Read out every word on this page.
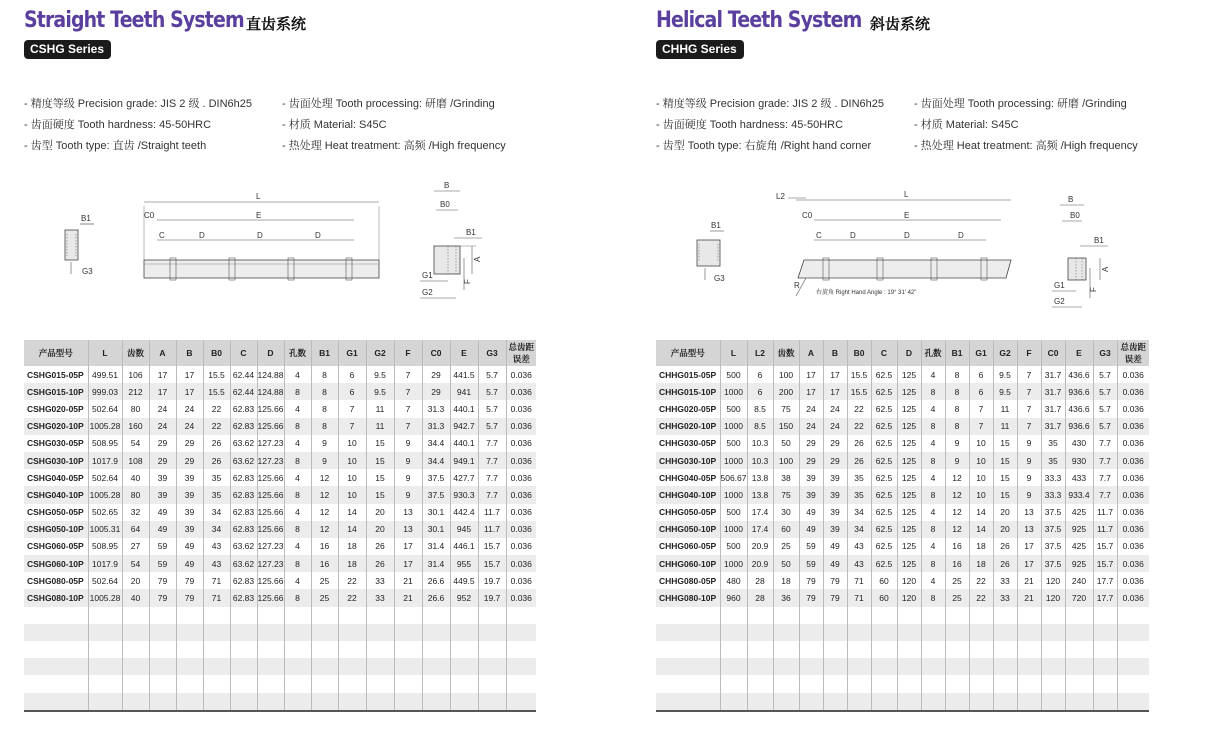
Straight Teeth System 直齿系统
CSHG Series
- 精度等级 Precision grade: JIS 2 级 . DIN6h25
- 齿面硬度 Tooth hardness: 45-50HRC
- 齿型 Tooth type: 直齿 /Straight teeth
- 齿面处理 Tooth processing: 研磨 /Grinding
- 材质 Material: S45C
- 热处理 Heat treatment: 高频 /High frequency
B1
G3
L
C0	E
C	D	D	D
B
B0
B1
A
F
G1
G2
产品型号	L	齿数	A	B	B0	C	D	孔数	B1	G1	G2	F	C0	E	G3	总齿距误差
CSHG015-05P	499.51	106	17	17	15.5	62.44	124.88	4	8	6	9.5	7	29	441.5	5.7	0.036
CSHG015-10P	999.03	212	17	17	15.5	62.44	124.88	8	8	6	9.5	7	29	941	5.7	0.036
CSHG020-05P	502.64	80	24	24	22	62.83	125.66	4	8	7	11	7	31.3	440.1	5.7	0.036
CSHG020-10P	1005.28	160	24	24	22	62.83	125.66	8	8	7	11	7	31.3	942.7	5.7	0.036
CSHG030-05P	508.95	54	29	29	26	63.62	127.23	4	9	10	15	9	34.4	440.1	7.7	0.036
CSHG030-10P	1017.9	108	29	29	26	63.62	127.23	8	9	10	15	9	34.4	949.1	7.7	0.036
CSHG040-05P	502.64	40	39	39	35	62.83	125.66	4	12	10	15	9	37.5	427.7	7.7	0.036
CSHG040-10P	1005.28	80	39	39	35	62.83	125.66	8	12	10	15	9	37.5	930.3	7.7	0.036
CSHG050-05P	502.65	32	49	39	34	62.83	125.66	4	12	14	20	13	30.1	442.4	11.7	0.036
CSHG050-10P	1005.31	64	49	39	34	62.83	125.66	8	12	14	20	13	30.1	945	11.7	0.036
CSHG060-05P	508.95	27	59	49	43	63.62	127.23	4	16	18	26	17	31.4	446.1	15.7	0.036
CSHG060-10P	1017.9	54	59	49	43	63.62	127.23	8	16	18	26	17	31.4	955	15.7	0.036
CSHG080-05P	502.64	20	79	79	71	62.83	125.66	4	25	22	33	21	26.6	449.5	19.7	0.036
CSHG080-10P	1005.28	40	79	79	71	62.83	125.66	8	25	22	33	21	26.6	952	19.7	0.036

Helical Teeth System 斜齿系统
CHHG Series
- 精度等级 Precision grade: JIS 2 级 . DIN6h25
- 齿面硬度 Tooth hardness: 45-50HRC
- 齿型 Tooth type: 右旋角 /Right hand corner
- 齿面处理 Tooth processing: 研磨 /Grinding
- 材质 Material: S45C
- 热处理 Heat treatment: 高频 /High frequency
B1
G3
L2	L
C0	E
C	D	D	D
R
右旋角 Right Hand Angle : 19° 31' 42"
B
B0
B1
A
F
G1
G2
产品型号	L	L2	齿数	A	B	B0	C	D	孔数	B1	G1	G2	F	C0	E	G3	总齿距误差
CHHG015-05P	500	6	100	17	17	15.5	62.5	125	4	8	6	9.5	7	31.7	436.6	5.7	0.036
CHHG015-10P	1000	6	200	17	17	15.5	62.5	125	8	8	6	9.5	7	31.7	936.6	5.7	0.036
CHHG020-05P	500	8.5	75	24	24	22	62.5	125	4	8	7	11	7	31.7	436.6	5.7	0.036
CHHG020-10P	1000	8.5	150	24	24	22	62.5	125	8	8	7	11	7	31.7	936.6	5.7	0.036
CHHG030-05P	500	10.3	50	29	29	26	62.5	125	4	9	10	15	9	35	430	7.7	0.036
CHHG030-10P	1000	10.3	100	29	29	26	62.5	125	8	9	10	15	9	35	930	7.7	0.036
CHHG040-05P	506.67	13.8	38	39	39	35	62.5	125	4	12	10	15	9	33.3	433	7.7	0.036
CHHG040-10P	1000	13.8	75	39	39	35	62.5	125	8	12	10	15	9	33.3	933.4	7.7	0.036
CHHG050-05P	500	17.4	30	49	39	34	62.5	125	4	12	14	20	13	37.5	425	11.7	0.036
CHHG050-10P	1000	17.4	60	49	39	34	62.5	125	8	12	14	20	13	37.5	925	11.7	0.036
CHHG060-05P	500	20.9	25	59	49	43	62.5	125	4	16	18	26	17	37.5	425	15.7	0.036
CHHG060-10P	1000	20.9	50	59	49	43	62.5	125	8	16	18	26	17	37.5	925	15.7	0.036
CHHG080-05P	480	28	18	79	79	71	60	120	4	25	22	33	21	120	240	17.7	0.036
CHHG080-10P	960	28	36	79	79	71	60	120	8	25	22	33	21	120	720	17.7	0.036
